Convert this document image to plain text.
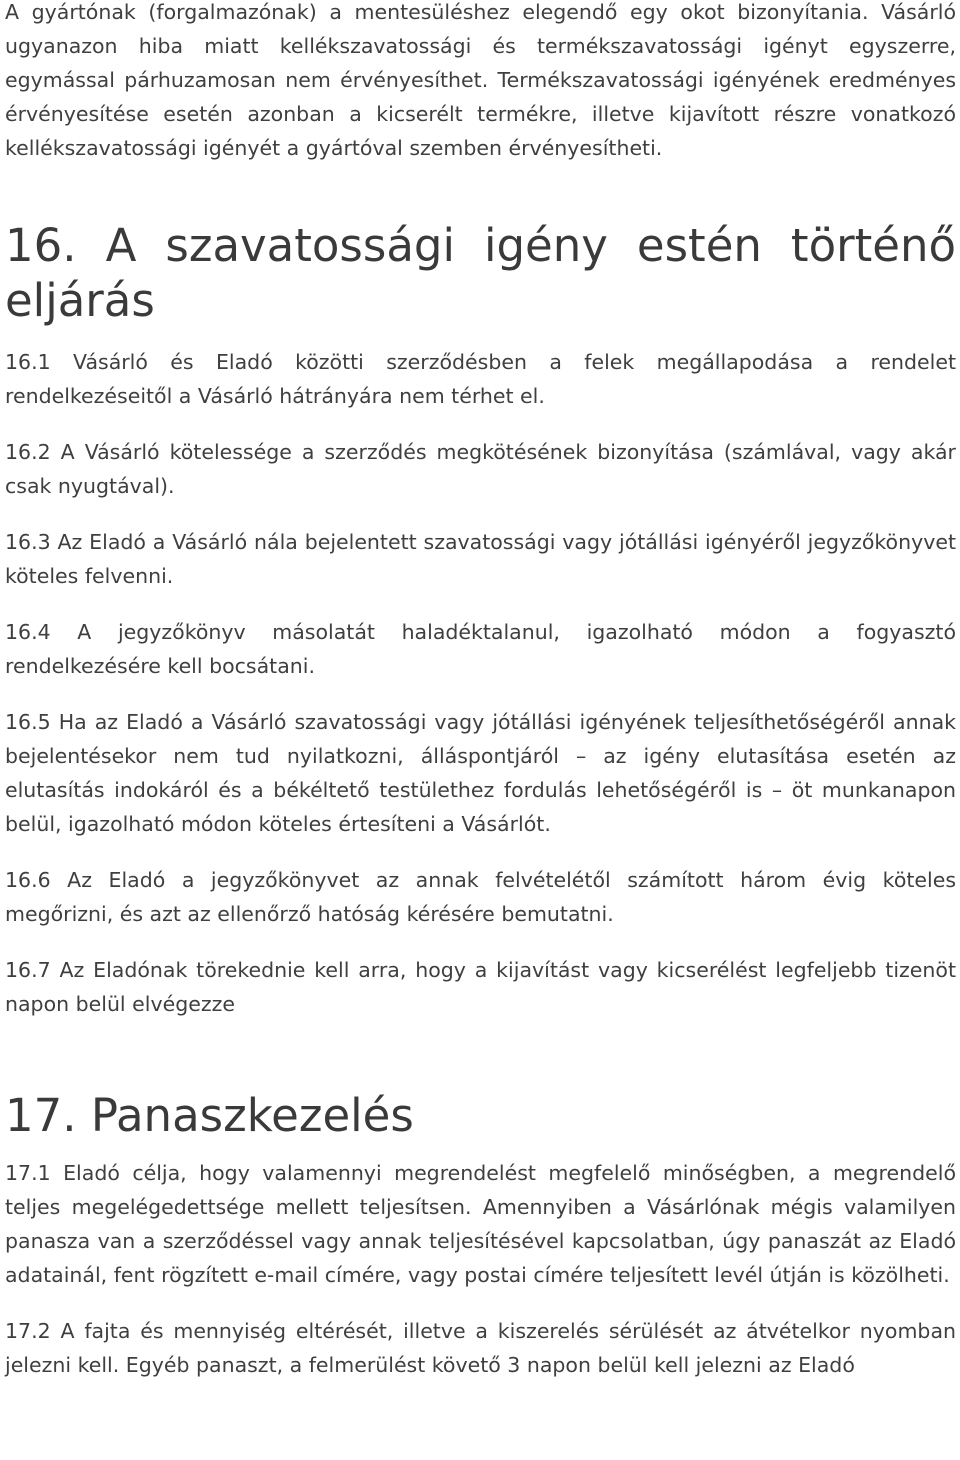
A gyártónak (forgalmazónak) a mentesüléshez elegendő egy okot bizonyítania. Vásárló ugyanazon hiba miatt kellékszavatossági és termékszavatossági igényt egyszerre, egymással párhuzamosan nem érvényesíthet. Termékszavatossági igényének eredményes érvényesítése esetén azonban a kicserélt termékre, illetve kijavított részre vonatkozó kellékszavatossági igényét a gyártóval szemben érvényesítheti.

16. A szavatossági igény estén történő eljárás

16.1 Vásárló és Eladó közötti szerződésben a felek megállapodása a rendelet rendelkezéseitől a Vásárló hátrányára nem térhet el.

16.2 A Vásárló kötelessége a szerződés megkötésének bizonyítása (számlával, vagy akár csak nyugtával).

16.3 Az Eladó a Vásárló nála bejelentett szavatossági vagy jótállási igényéről jegyzőkönyvet köteles felvenni.

16.4 A jegyzőkönyv másolatát haladéktalanul, igazolható módon a fogyasztó rendelkezésére kell bocsátani.

16.5 Ha az Eladó a Vásárló szavatossági vagy jótállási igényének teljesíthetőségéről annak bejelentésekor nem tud nyilatkozni, álláspontjáról – az igény elutasítása esetén az elutasítás indokáról és a békéltető testülethez fordulás lehetőségéről is – öt munkanapon belül, igazolható módon köteles értesíteni a Vásárlót.

16.6 Az Eladó a jegyzőkönyvet az annak felvételétől számított három évig köteles megőrizni, és azt az ellenőrző hatóság kérésére bemutatni.

16.7 Az Eladónak törekednie kell arra, hogy a kijavítást vagy kicserélést legfeljebb tizenöt napon belül elvégezze

17. Panaszkezelés

17.1 Eladó célja, hogy valamennyi megrendelést megfelelő minőségben, a megrendelő teljes megelégedettsége mellett teljesítsen. Amennyiben a Vásárlónak mégis valamilyen panasza van a szerződéssel vagy annak teljesítésével kapcsolatban, úgy panaszát az Eladó adatainál, fent rögzített e-mail címére, vagy postai címére teljesített levél útján is közölheti.

17.2 A fajta és mennyiség eltérését, illetve a kiszerelés sérülését az átvételkor nyomban jelezni kell. Egyéb panaszt, a felmerülést követő 3 napon belül kell jelezni az Eladó
